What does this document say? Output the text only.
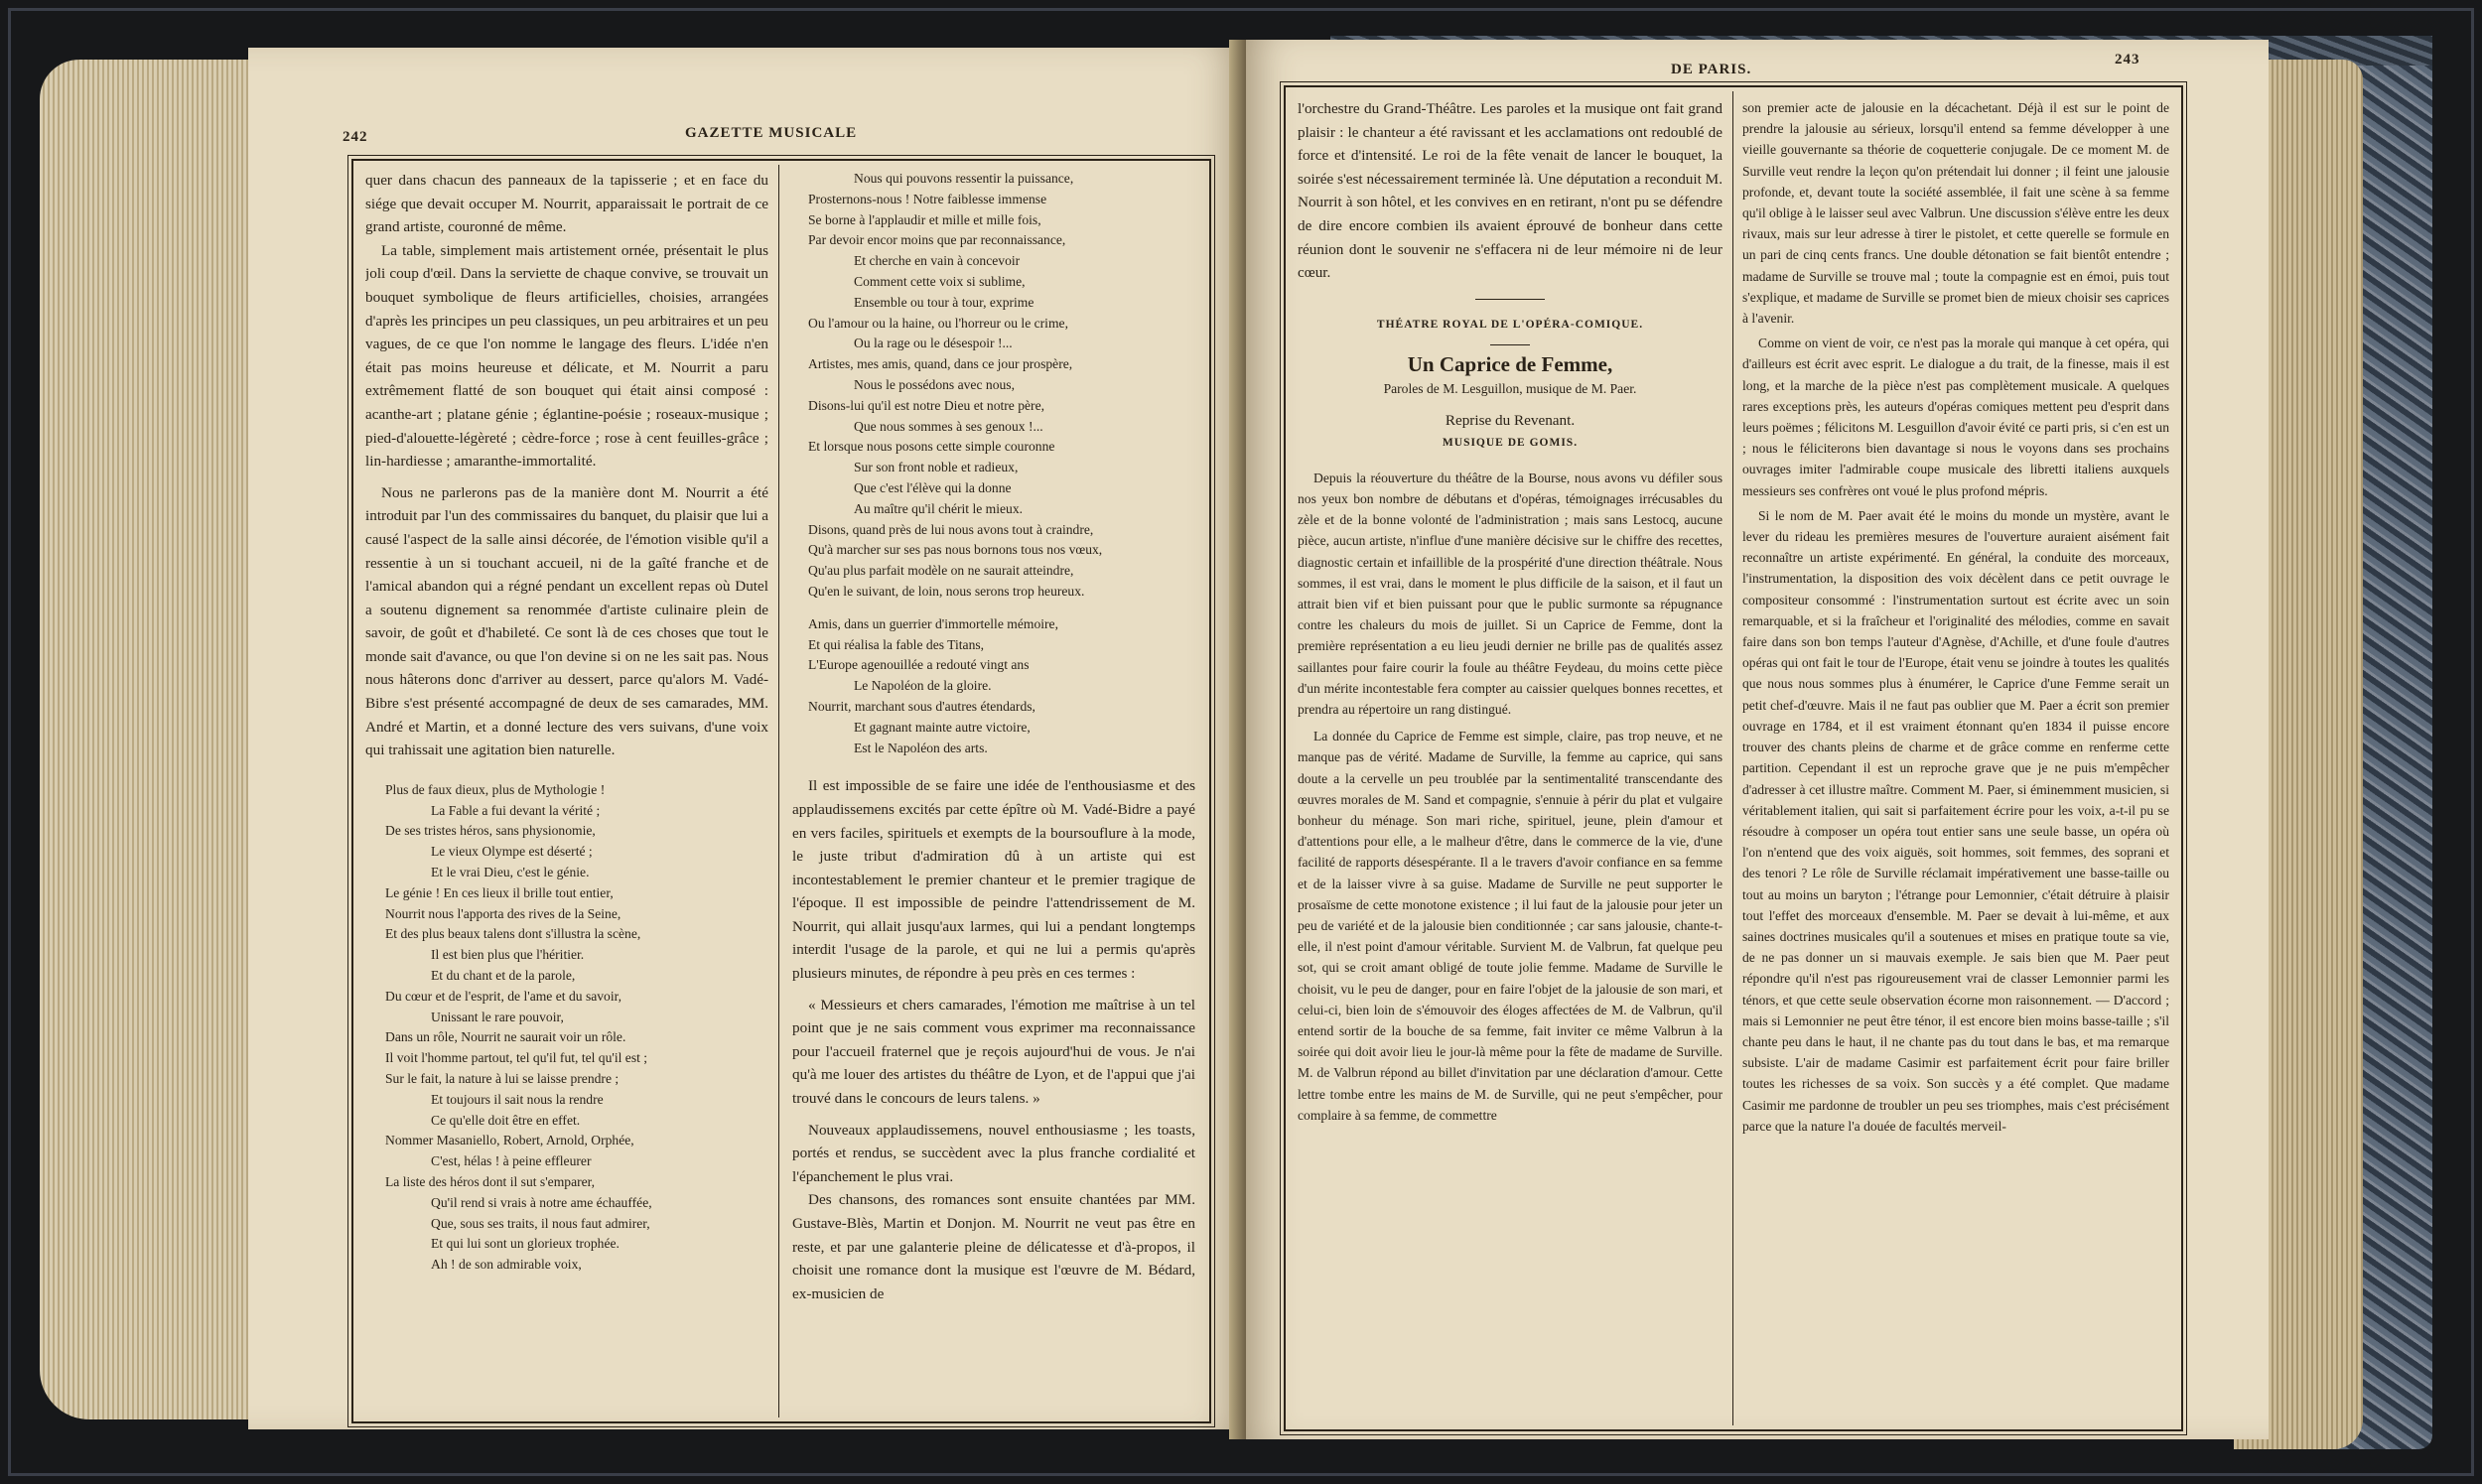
242	GAZETTE MUSICALE

quer dans chacun des panneaux de la tapisserie ; et en face du siége que devait occuper M. Nourrit, apparaissait le portrait de ce grand artiste, couronné de même.

La table, simplement mais artistement ornée, présentait le plus joli coup d'œil. Dans la serviette de chaque convive, se trouvait un bouquet symbolique de fleurs artificielles, choisies, arrangées d'après les principes un peu classiques, un peu arbitraires et un peu vagues, de ce que l'on nomme le langage des fleurs. L'idée n'en était pas moins heureuse et délicate, et M. Nourrit a paru extrêmement flatté de son bouquet qui était ainsi composé : acanthe-art ; platane génie ; églantine-poésie ; roseaux-musique ; pied-d'alouette-légèreté ; cèdre-force ; rose à cent feuilles-grâce ; lin-hardiesse ; amaranthe-immortalité.

Nous ne parlerons pas de la manière dont M. Nourrit a été introduit par l'un des commissaires du banquet, du plaisir que lui a causé l'aspect de la salle ainsi décorée, de l'émotion visible qu'il a ressentie à un si touchant accueil, ni de la gaîté franche et de l'amical abandon qui a régné pendant un excellent repas où Dutel a soutenu dignement sa renommée d'artiste culinaire plein de savoir, de goût et d'habileté. Ce sont là de ces choses que tout le monde sait d'avance, ou que l'on devine si on ne les sait pas. Nous nous hâterons donc d'arriver au dessert, parce qu'alors M. Vadé-Bibre s'est présenté accompagné de deux de ses camarades, MM. André et Martin, et a donné lecture des vers suivans, d'une voix qui trahissait une agitation bien naturelle.

Plus de faux dieux, plus de Mythologie !
La Fable a fui devant la vérité ;
De ses tristes héros, sans physionomie,
Le vieux Olympe est déserté ;
Et le vrai Dieu, c'est le génie.
Le génie ! En ces lieux il brille tout entier,
Nourrit nous l'apporta des rives de la Seine,
Et des plus beaux talens dont s'illustra la scène,
Il est bien plus que l'héritier.
Et du chant et de la parole,
Du cœur et de l'esprit, de l'ame et du savoir,
Unissant le rare pouvoir,
Dans un rôle, Nourrit ne saurait voir un rôle.
Il voit l'homme partout, tel qu'il fut, tel qu'il est ;
Sur le fait, la nature à lui se laisse prendre ;
Et toujours il sait nous la rendre
Ce qu'elle doit être en effet.
Nommer Masaniello, Robert, Arnold, Orphée,
C'est, hélas ! à peine effleurer
La liste des héros dont il sut s'emparer,
Qu'il rend si vrais à notre ame échauffée,
Que, sous ses traits, il nous faut admirer,
Et qui lui sont un glorieux trophée.
Ah ! de son admirable voix,
Nous qui pouvons ressentir la puissance,
Prosternons-nous ! Notre faiblesse immense
Se borne à l'applaudir et mille et mille fois,
Par devoir encor moins que par reconnaissance,
Et cherche en vain à concevoir
Comment cette voix si sublime,
Ensemble ou tour à tour, exprime
Ou l'amour ou la haine, ou l'horreur ou le crime,
Ou la rage ou le désespoir !...
Artistes, mes amis, quand, dans ce jour prospère,
Nous le possédons avec nous,
Disons-lui qu'il est notre Dieu et notre père,
Que nous sommes à ses genoux !...
Et lorsque nous posons cette simple couronne
Sur son front noble et radieux,
Que c'est l'élève qui la donne
Au maître qu'il chérit le mieux.
Disons, quand près de lui nous avons tout à craindre,
Qu'à marcher sur ses pas nous bornons tous nos vœux,
Qu'au plus parfait modèle on ne saurait atteindre,
Qu'en le suivant, de loin, nous serons trop heureux.
Amis, dans un guerrier d'immortelle mémoire,
Et qui réalisa la fable des Titans,
L'Europe agenouillée a redouté vingt ans
Le Napoléon de la gloire.
Nourrit, marchant sous d'autres étendards,
Et gagnant mainte autre victoire,
Est le Napoléon des arts.

Il est impossible de se faire une idée de l'enthousiasme et des applaudissemens excités par cette épître où M. Vadé-Bidre a payé en vers faciles, spirituels et exempts de la boursouflure à la mode, le juste tribut d'admiration dû à un artiste qui est incontestablement le premier chanteur et le premier tragique de l'époque. Il est impossible de peindre l'attendrissement de M. Nourrit, qui allait jusqu'aux larmes, qui lui a pendant longtemps interdit l'usage de la parole, et qui ne lui a permis qu'après plusieurs minutes, de répondre à peu près en ces termes :

« Messieurs et chers camarades, l'émotion me maîtrise à un tel point que je ne sais comment vous exprimer ma reconnaissance pour l'accueil fraternel que je reçois aujourd'hui de vous. Je n'ai qu'à me louer des artistes du théâtre de Lyon, et de l'appui que j'ai trouvé dans le concours de leurs talens. »

Nouveaux applaudissemens, nouvel enthousiasme ; les toasts, portés et rendus, se succèdent avec la plus franche cordialité et l'épanchement le plus vrai.

Des chansons, des romances sont ensuite chantées par MM. Gustave-Blès, Martin et Donjon. M. Nourrit ne veut pas être en reste, et par une galanterie pleine de délicatesse et d'à-propos, il choisit une romance dont la musique est l'œuvre de M. Bédard, ex-musicien de

DE PARIS.
243

l'orchestre du Grand-Théâtre. Les paroles et la musique ont fait grand plaisir : le chanteur a été ravissant et les acclamations ont redoublé de force et d'intensité. Le roi de la fête venait de lancer le bouquet, la soirée s'est nécessairement terminée là. Une députation a reconduit M. Nourrit à son hôtel, et les convives en en retirant, n'ont pu se défendre de dire encore combien ils avaient éprouvé de bonheur dans cette réunion dont le souvenir ne s'effacera ni de leur mémoire ni de leur cœur.

THÉATRE ROYAL DE L'OPÉRA-COMIQUE.

Un Caprice de Femme,

Paroles de M. Lesguillon, musique de M. Paer.

Reprise du Revenant.

MUSIQUE DE GOMIS.

Depuis la réouverture du théâtre de la Bourse, nous avons vu défiler sous nos yeux bon nombre de débutans et d'opéras, témoignages irrécusables du zèle et de la bonne volonté de l'administration ; mais sans Lestocq, aucune pièce, aucun artiste, n'influe d'une manière décisive sur le chiffre des recettes, diagnostic certain et infaillible de la prospérité d'une direction théâtrale. Nous sommes, il est vrai, dans le moment le plus difficile de la saison, et il faut un attrait bien vif et bien puissant pour que le public surmonte sa répugnance contre les chaleurs du mois de juillet. Si un Caprice de Femme, dont la première représentation a eu lieu jeudi dernier ne brille pas de qualités assez saillantes pour faire courir la foule au théâtre Feydeau, du moins cette pièce d'un mérite incontestable fera compter au caissier quelques bonnes recettes, et prendra au répertoire un rang distingué.

La donnée du Caprice de Femme est simple, claire, pas trop neuve, et ne manque pas de vérité. Madame de Surville, la femme au caprice, qui sans doute a la cervelle un peu troublée par la sentimentalité transcendante des œuvres morales de M. Sand et compagnie, s'ennuie à périr du plat et vulgaire bonheur du ménage. Son mari riche, spirituel, jeune, plein d'amour et d'attentions pour elle, a le malheur d'être, dans le commerce de la vie, d'une facilité de rapports désespérante. Il a le travers d'avoir confiance en sa femme et de la laisser vivre à sa guise. Madame de Surville ne peut supporter le prosaïsme de cette monotone existence ; il lui faut de la jalousie pour jeter un peu de variété et de la jalousie bien conditionnée ; car sans jalousie, chante-t-elle, il n'est point d'amour véritable. Survient M. de Valbrun, fat quelque peu sot, qui se croit amant obligé de toute jolie femme. Madame de Surville le choisit, vu le peu de danger, pour en faire l'objet de la jalousie de son mari, et celui-ci, bien loin de s'émouvoir des éloges affectées de M. de Valbrun, qu'il entend sortir de la bouche de sa femme, fait inviter ce même Valbrun à la soirée qui doit avoir lieu le jour-là même pour la fête de madame de Surville. M. de Valbrun répond au billet d'invitation par une déclaration d'amour. Cette lettre tombe entre les mains de M. de Surville, qui ne peut s'empêcher, pour complaire à sa femme, de commettre

son premier acte de jalousie en la décachetant. Déjà il est sur le point de prendre la jalousie au sérieux, lorsqu'il entend sa femme développer à une vieille gouvernante sa théorie de coquetterie conjugale. De ce moment M. de Surville veut rendre la leçon qu'on prétendait lui donner ; il feint une jalousie profonde, et, devant toute la société assemblée, il fait une scène à sa femme qu'il oblige à le laisser seul avec Valbrun. Une discussion s'élève entre les deux rivaux, mais sur leur adresse à tirer le pistolet, et cette querelle se formule en un pari de cinq cents francs. Une double détonation se fait bientôt entendre ; madame de Surville se trouve mal ; toute la compagnie est en émoi, puis tout s'explique, et madame de Surville se promet bien de mieux choisir ses caprices à l'avenir.

Comme on vient de voir, ce n'est pas la morale qui manque à cet opéra, qui d'ailleurs est écrit avec esprit. Le dialogue a du trait, de la finesse, mais il est long, et la marche de la pièce n'est pas complètement musicale. A quelques rares exceptions près, les auteurs d'opéras comiques mettent peu d'esprit dans leurs poëmes ; félicitons M. Lesguillon d'avoir évité ce parti pris, si c'en est un ; nous le féliciterons bien davantage si nous le voyons dans ses prochains ouvrages imiter l'admirable coupe musicale des libretti italiens auxquels messieurs ses confrères ont voué le plus profond mépris.

Si le nom de M. Paer avait été le moins du monde un mystère, avant le lever du rideau les premières mesures de l'ouverture auraient aisément fait reconnaître un artiste expérimenté. En général, la conduite des morceaux, l'instrumentation, la disposition des voix décèlent dans ce petit ouvrage le compositeur consommé : l'instrumentation surtout est écrite avec un soin remarquable, et si la fraîcheur et l'originalité des mélodies, comme en savait faire dans son bon temps l'auteur d'Agnèse, d'Achille, et d'une foule d'autres opéras qui ont fait le tour de l'Europe, était venu se joindre à toutes les qualités que nous nous sommes plus à énumérer, le Caprice d'une Femme serait un petit chef-d'œuvre. Mais il ne faut pas oublier que M. Paer a écrit son premier ouvrage en 1784, et il est vraiment étonnant qu'en 1834 il puisse encore trouver des chants pleins de charme et de grâce comme en renferme cette partition. Cependant il est un reproche grave que je ne puis m'empêcher d'adresser à cet illustre maître. Comment M. Paer, si éminemment musicien, si véritablement italien, qui sait si parfaitement écrire pour les voix, a-t-il pu se résoudre à composer un opéra tout entier sans une seule basse, un opéra où l'on n'entend que des voix aiguës, soit hommes, soit femmes, des soprani et des tenori ? Le rôle de Surville réclamait impérativement une basse-taille ou tout au moins un baryton ; l'étrange pour Lemonnier, c'était détruire à plaisir tout l'effet des morceaux d'ensemble. M. Paer se devait à lui-même, et aux saines doctrines musicales qu'il a soutenues et mises en pratique toute sa vie, de ne pas donner un si mauvais exemple. Je sais bien que M. Paer peut répondre qu'il n'est pas rigoureusement vrai de classer Lemonnier parmi les ténors, et que cette seule observation écorne mon raisonnement. — D'accord ; mais si Lemonnier ne peut être ténor, il est encore bien moins basse-taille ; s'il chante peu dans le haut, il ne chante pas du tout dans le bas, et ma remarque subsiste. L'air de madame Casimir est parfaitement écrit pour faire briller toutes les richesses de sa voix. Son succès y a été complet. Que madame Casimir me pardonne de troubler un peu ses triomphes, mais c'est précisément parce que la nature l'a douée de facultés merveil-
